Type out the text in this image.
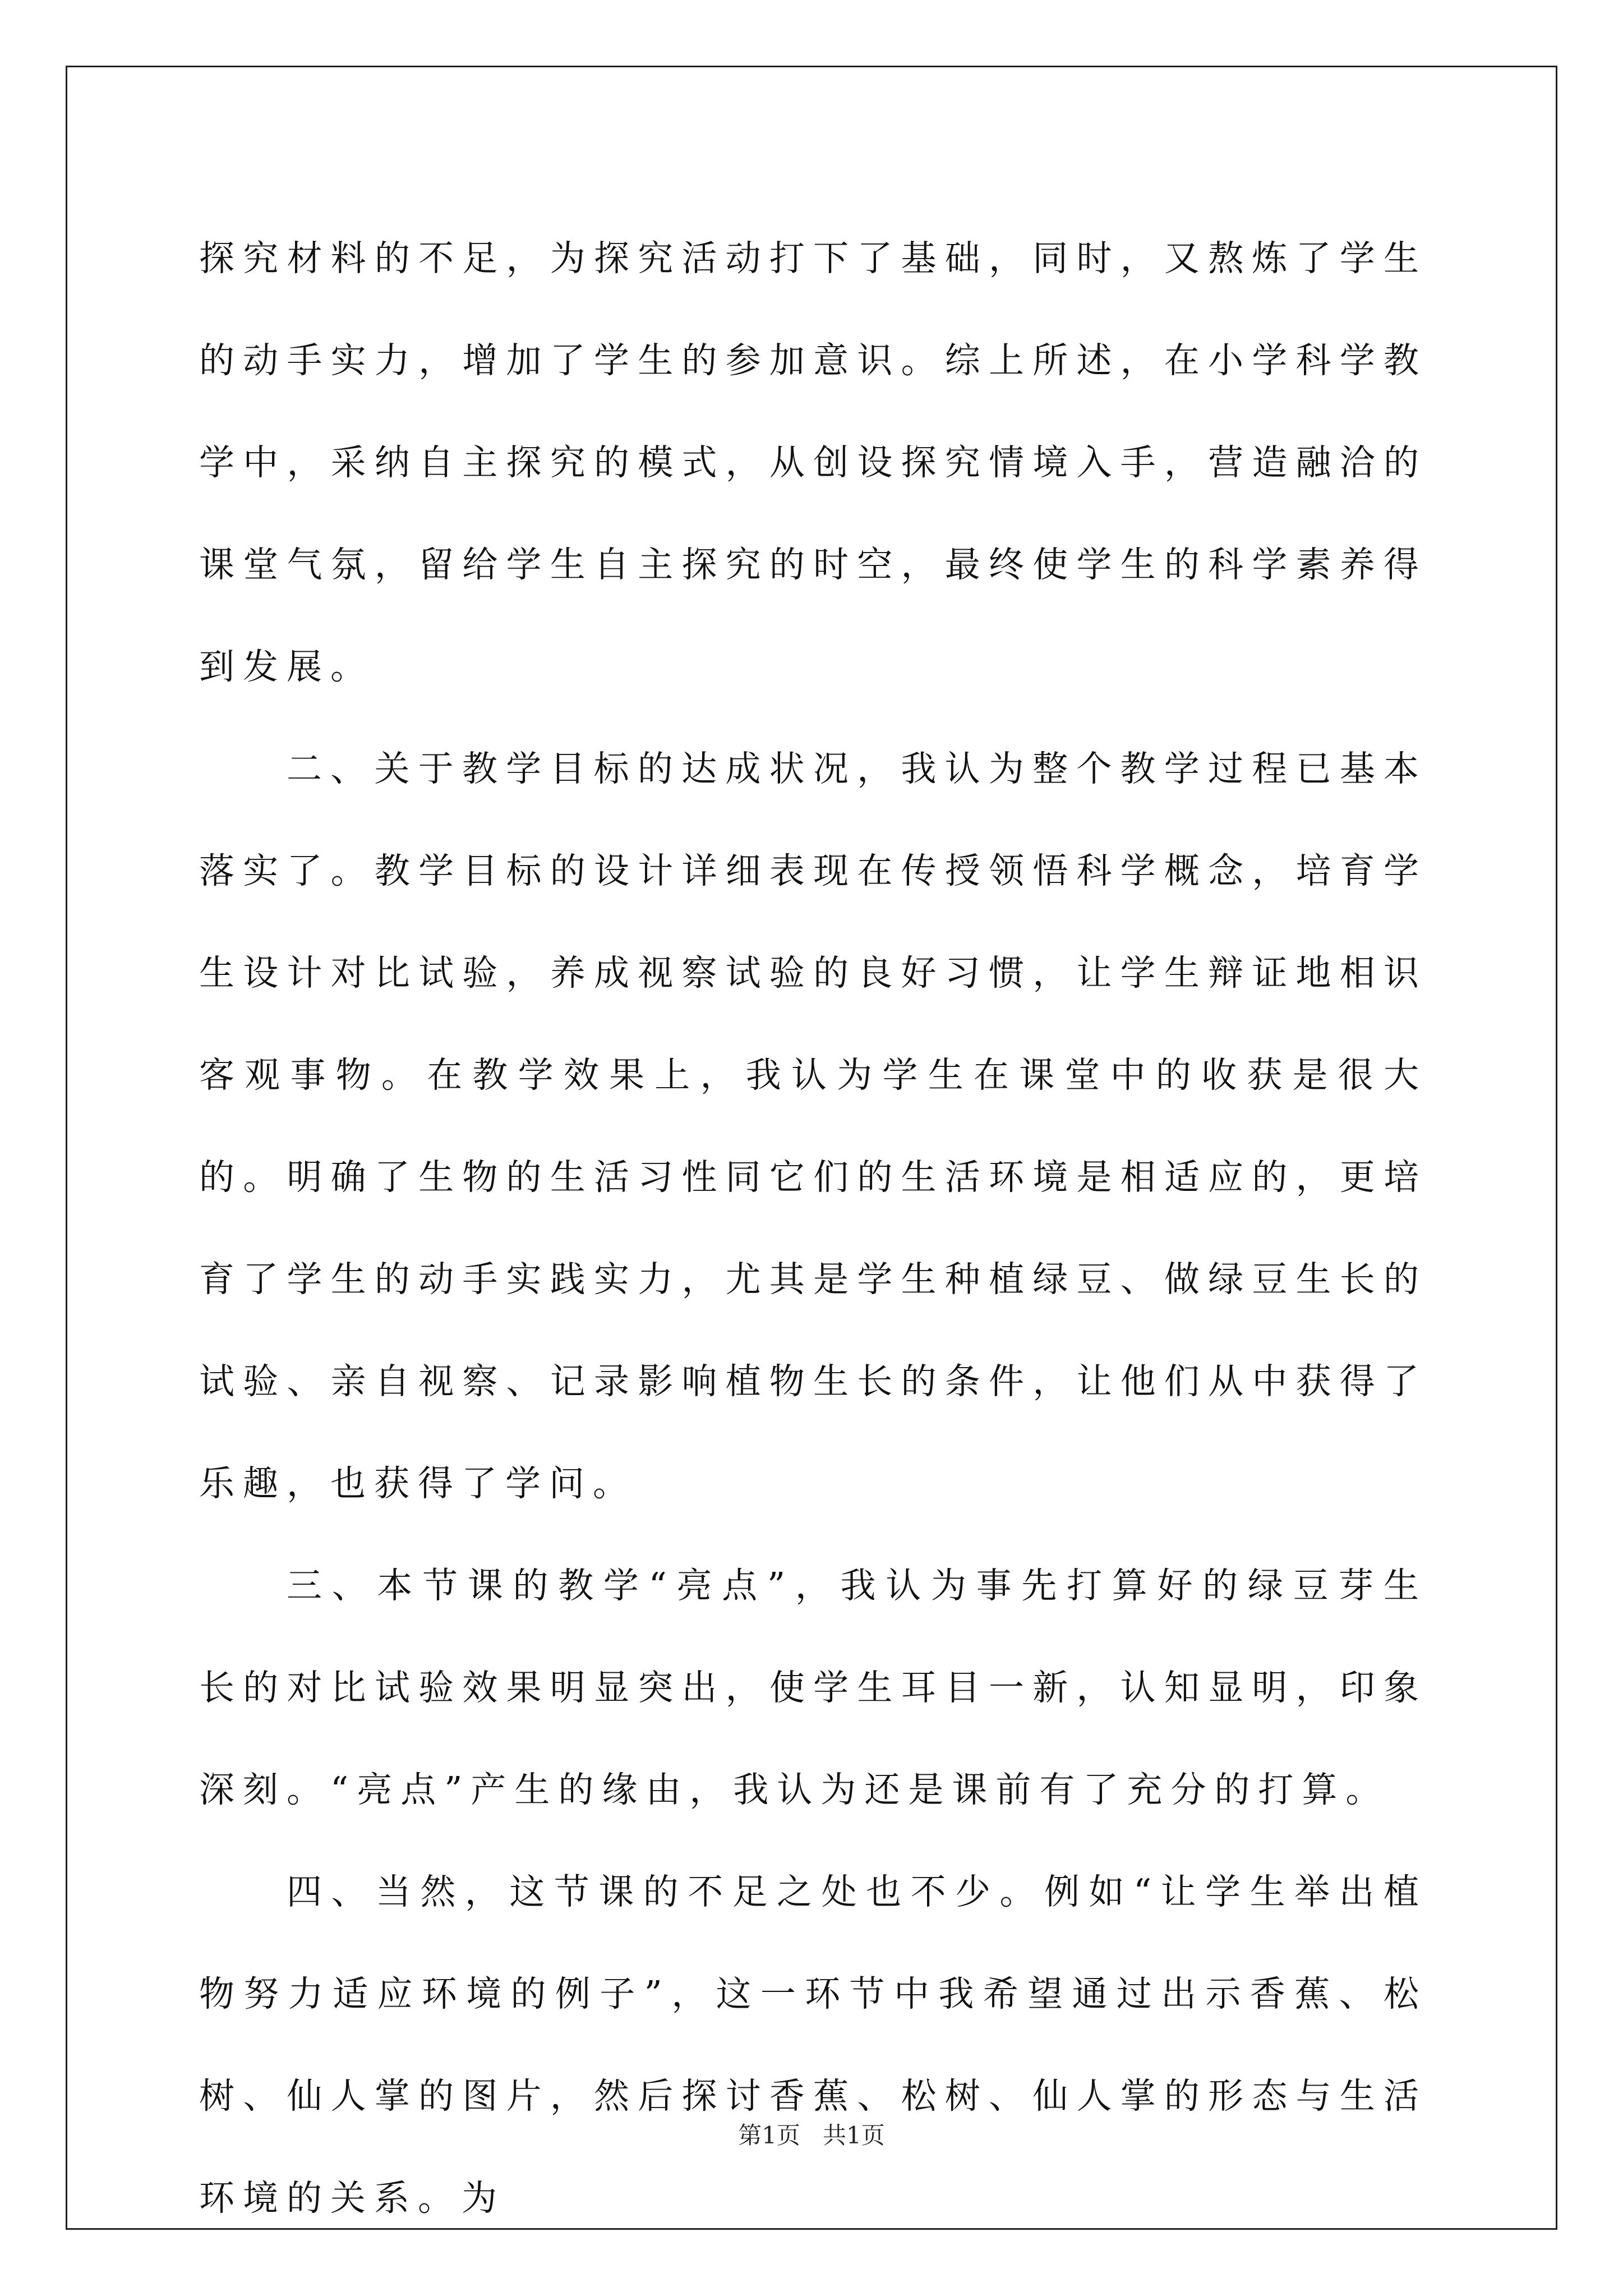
探究材料的不足，为探究活动打下了基础，同时，又熬炼了学生的动手实力，增加了学生的参加意识。综上所述，在小学科学教学中，采纳自主探究的模式，从创设探究情境入手，营造融洽的课堂气氛，留给学生自主探究的时空，最终使学生的科学素养得到发展。

二、关于教学目标的达成状况，我认为整个教学过程已基本落实了。教学目标的设计详细表现在传授领悟科学概念，培育学生设计对比试验，养成视察试验的良好习惯，让学生辩证地相识客观事物。在教学效果上，我认为学生在课堂中的收获是很大的。明确了生物的生活习性同它们的生活环境是相适应的，更培育了学生的动手实践实力，尤其是学生种植绿豆、做绿豆生长的试验、亲自视察、记录影响植物生长的条件，让他们从中获得了乐趣，也获得了学问。

三、本节课的教学“亮点”，我认为事先打算好的绿豆芽生长的对比试验效果明显突出，使学生耳目一新，认知显明，印象深刻。“亮点”产生的缘由，我认为还是课前有了充分的打算。

四、当然，这节课的不足之处也不少。例如“让学生举出植物努力适应环境的例子”，这一环节中我希望通过出示香蕉、松树、仙人掌的图片，然后探讨香蕉、松树、仙人掌的形态与生活环境的关系。为

第1页 共1页
